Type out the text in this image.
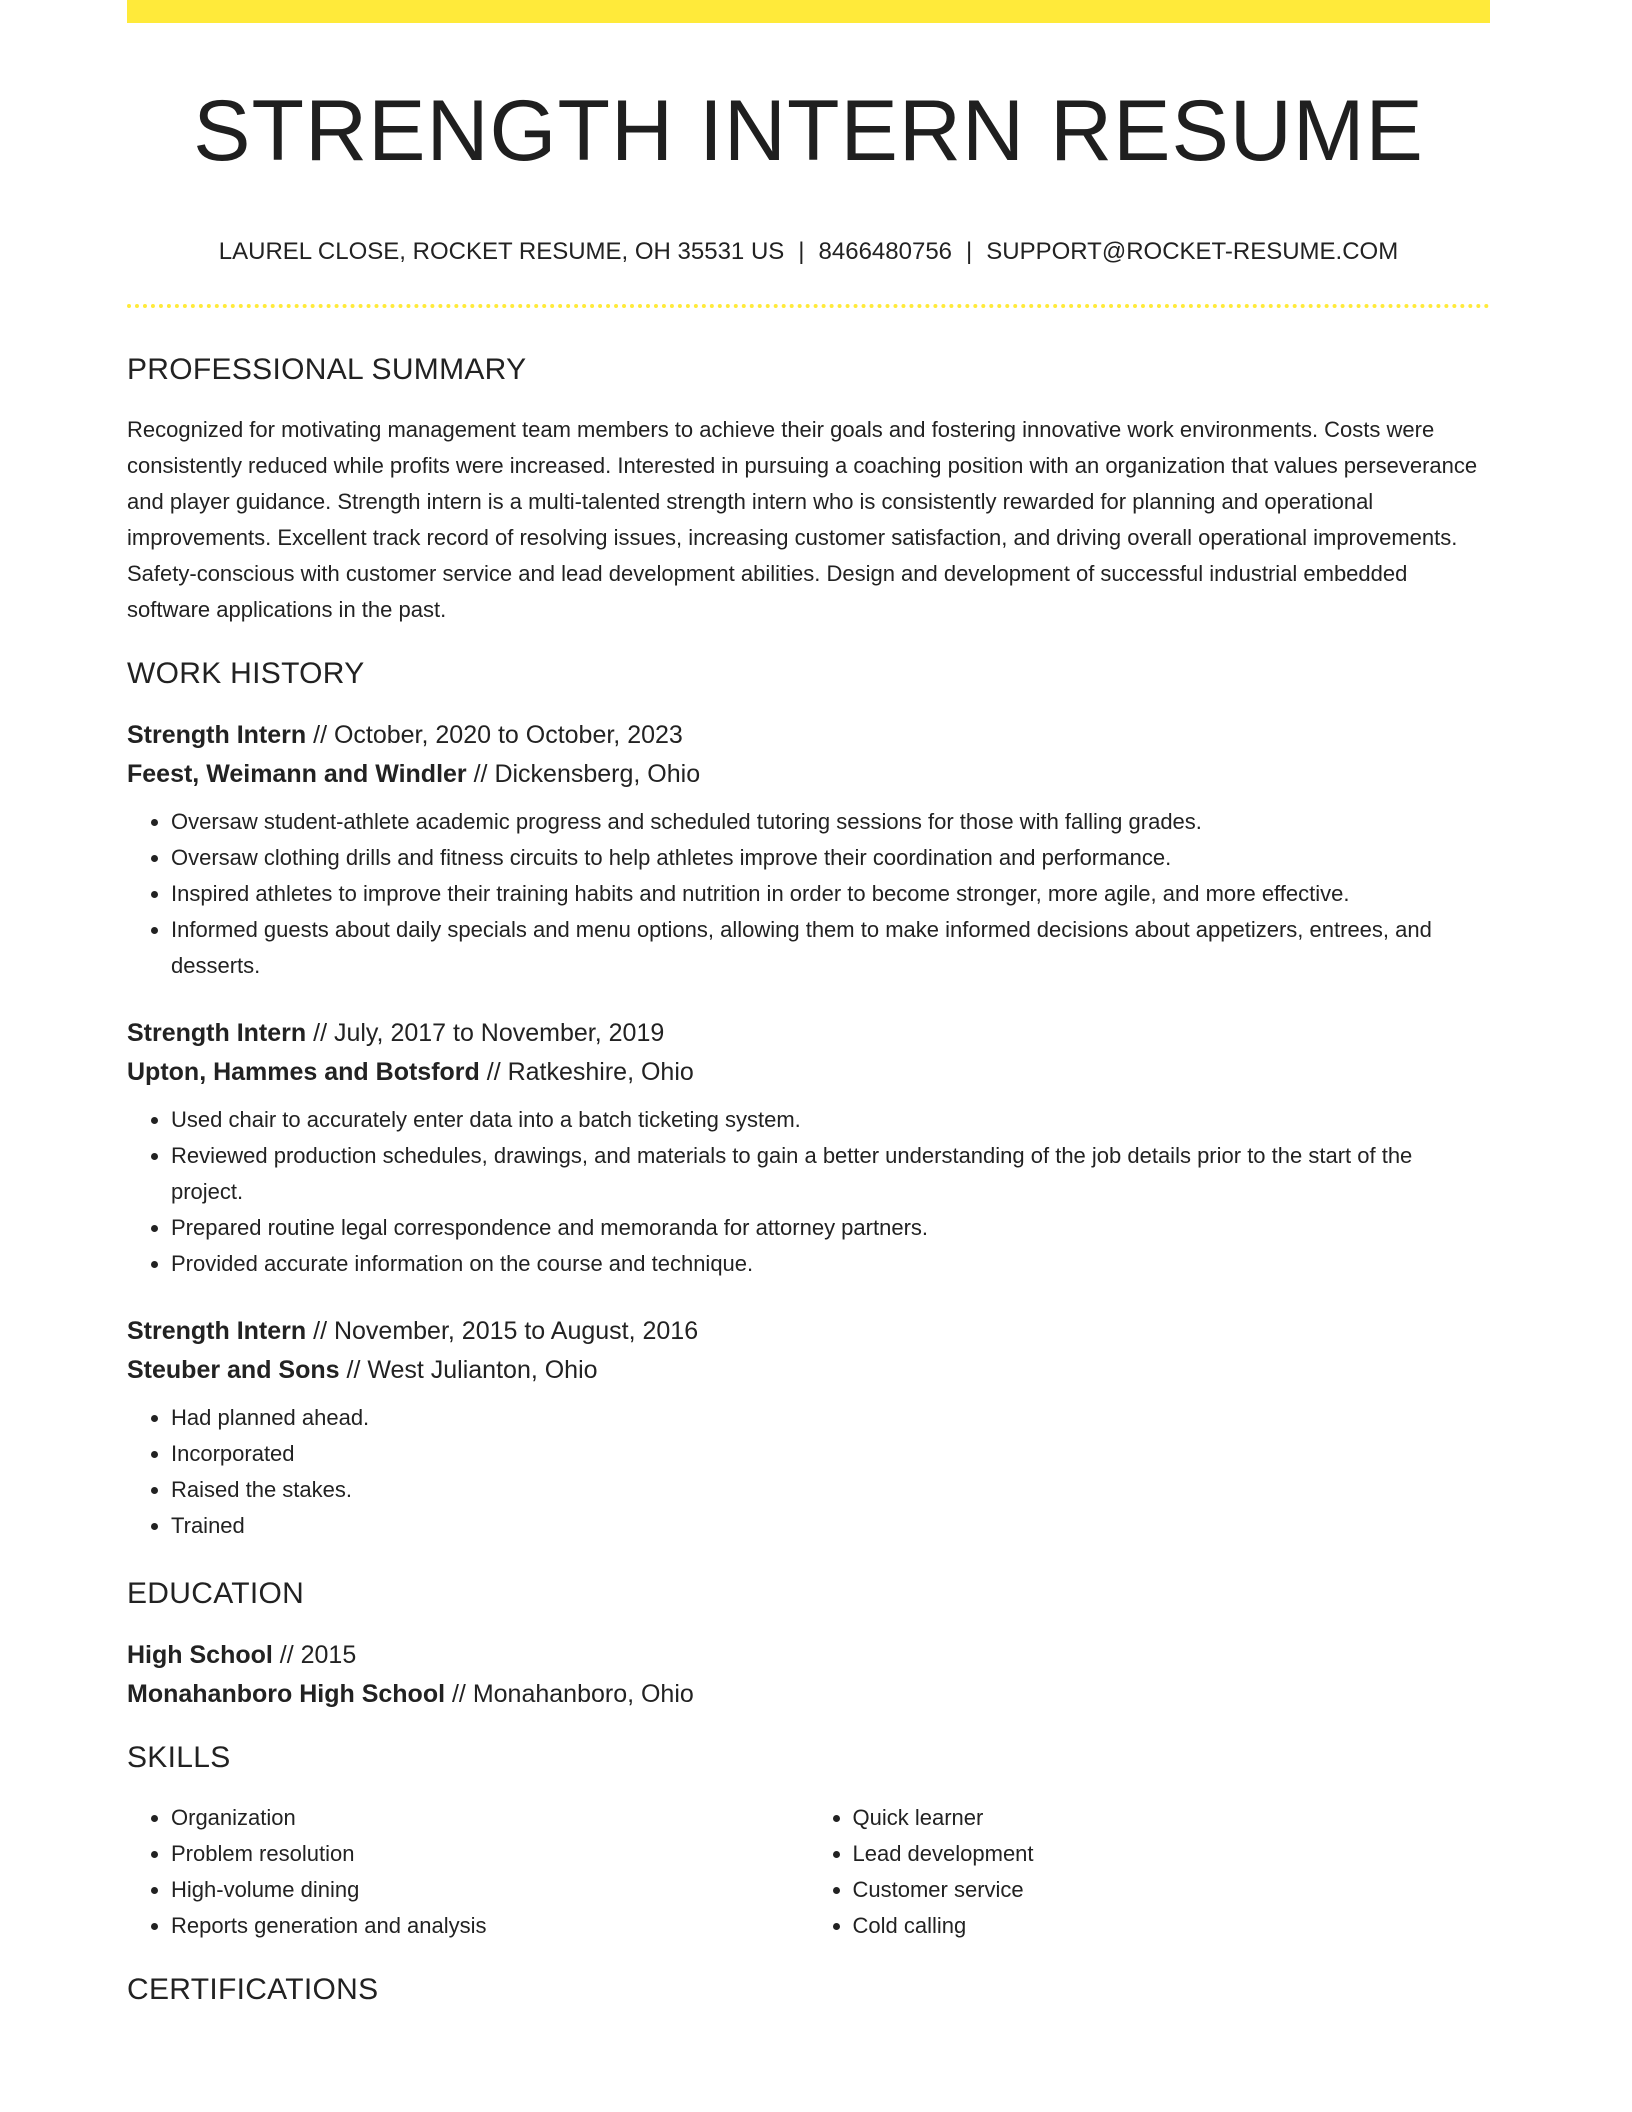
STRENGTH INTERN RESUME
LAUREL CLOSE, ROCKET RESUME, OH 35531 US | 8466480756 | SUPPORT@ROCKET-RESUME.COM
PROFESSIONAL SUMMARY

Recognized for motivating management team members to achieve their goals and fostering innovative work environments. Costs were consistently reduced while profits were increased. Interested in pursuing a coaching position with an organization that values perseverance and player guidance. Strength intern is a multi-talented strength intern who is consistently rewarded for planning and operational improvements. Excellent track record of resolving issues, increasing customer satisfaction, and driving overall operational improvements. Safety-conscious with customer service and lead development abilities. Design and development of successful industrial embedded software applications in the past.

WORK HISTORY
Strength Intern // October, 2020 to October, 2023
Feest, Weimann and Windler // Dickensberg, Ohio
• Oversaw student-athlete academic progress and scheduled tutoring sessions for those with falling grades.
• Oversaw clothing drills and fitness circuits to help athletes improve their coordination and performance.
• Inspired athletes to improve their training habits and nutrition in order to become stronger, more agile, and more effective.
• Informed guests about daily specials and menu options, allowing them to make informed decisions about appetizers, entrees, and desserts.
Strength Intern // July, 2017 to November, 2019
Upton, Hammes and Botsford // Ratkeshire, Ohio
• Used chair to accurately enter data into a batch ticketing system.
• Reviewed production schedules, drawings, and materials to gain a better understanding of the job details prior to the start of the project.
• Prepared routine legal correspondence and memoranda for attorney partners.
• Provided accurate information on the course and technique.
Strength Intern // November, 2015 to August, 2016
Steuber and Sons // West Julianton, Ohio
• Had planned ahead.
• Incorporated
• Raised the stakes.
• Trained
EDUCATION
High School // 2015
Monahanboro High School // Monahanboro, Ohio
SKILLS
• Organization
• Problem resolution
• High-volume dining
• Reports generation and analysis
• Quick learner
• Lead development
• Customer service
• Cold calling
CERTIFICATIONS
